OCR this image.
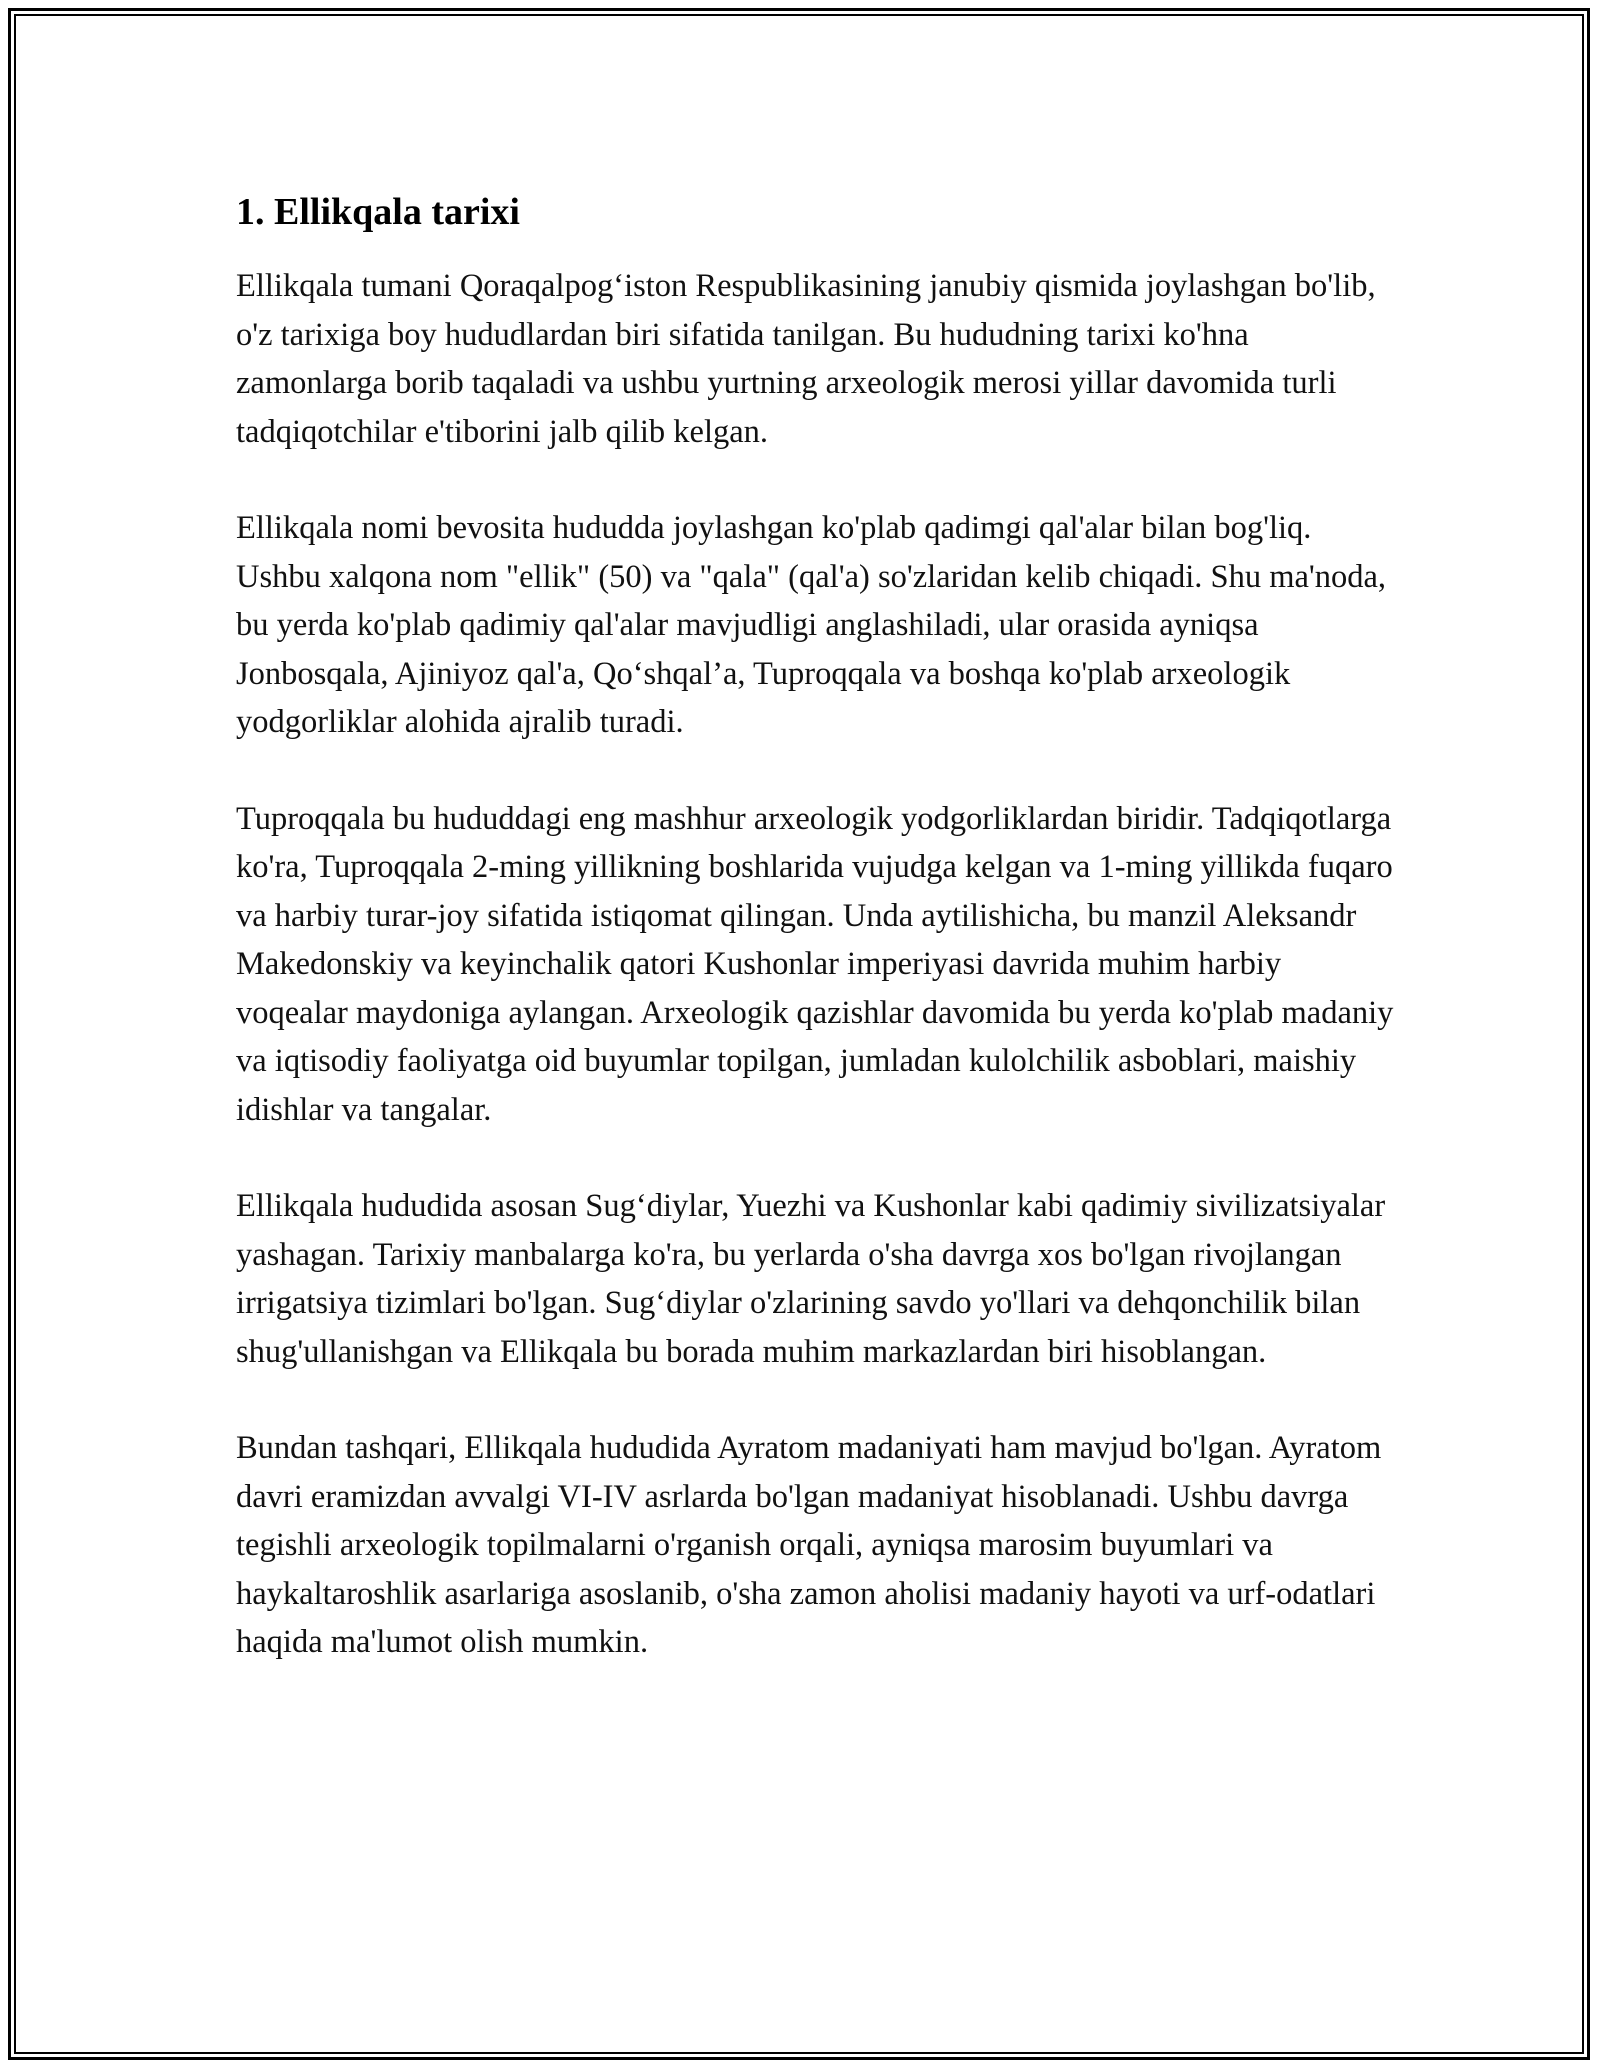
1. Ellikqala tarixi

Ellikqala tumani Qoraqalpog‘iston Respublikasining janubiy qismida joylashgan bo'lib, o'z tarixiga boy hududlardan biri sifatida tanilgan. Bu hududning tarixi ko'hna zamonlarga borib taqaladi va ushbu yurtning arxeologik merosi yillar davomida turli tadqiqotchilar e'tiborini jalb qilib kelgan.

Ellikqala nomi bevosita hududda joylashgan ko'plab qadimgi qal'alar bilan bog'liq. Ushbu xalqona nom "ellik" (50) va "qala" (qal'a) so'zlaridan kelib chiqadi. Shu ma'noda, bu yerda ko'plab qadimiy qal'alar mavjudligi anglashiladi, ular orasida ayniqsa Jonbosqala, Ajiniyoz qal'a, Qo‘shqal’a, Tuproqqala va boshqa ko'plab arxeologik yodgorliklar alohida ajralib turadi.

Tuproqqala bu hududdagi eng mashhur arxeologik yodgorliklardan biridir. Tadqiqotlarga ko'ra, Tuproqqala 2-ming yillikning boshlarida vujudga kelgan va 1-ming yillikda fuqaro va harbiy turar-joy sifatida istiqomat qilingan. Unda aytilishicha, bu manzil Aleksandr Makedonskiy va keyinchalik qatori Kushonlar imperiyasi davrida muhim harbiy voqealar maydoniga aylangan. Arxeologik qazishlar davomida bu yerda ko'plab madaniy va iqtisodiy faoliyatga oid buyumlar topilgan, jumladan kulolchilik asboblari, maishiy idishlar va tangalar.

Ellikqala hududida asosan Sug‘diylar, Yuezhi va Kushonlar kabi qadimiy sivilizatsiyalar yashagan. Tarixiy manbalarga ko'ra, bu yerlarda o'sha davrga xos bo'lgan rivojlangan irrigatsiya tizimlari bo'lgan. Sug‘diylar o'zlarining savdo yo'llari va dehqonchilik bilan shug'ullanishgan va Ellikqala bu borada muhim markazlardan biri hisoblangan.

Bundan tashqari, Ellikqala hududida Ayratom madaniyati ham mavjud bo'lgan. Ayratom davri eramizdan avvalgi VI-IV asrlarda bo'lgan madaniyat hisoblanadi. Ushbu davrga tegishli arxeologik topilmalarni o'rganish orqali, ayniqsa marosim buyumlari va haykaltaroshlik asarlariga asoslanib, o'sha zamon aholisi madaniy hayoti va urf-odatlari haqida ma'lumot olish mumkin.
